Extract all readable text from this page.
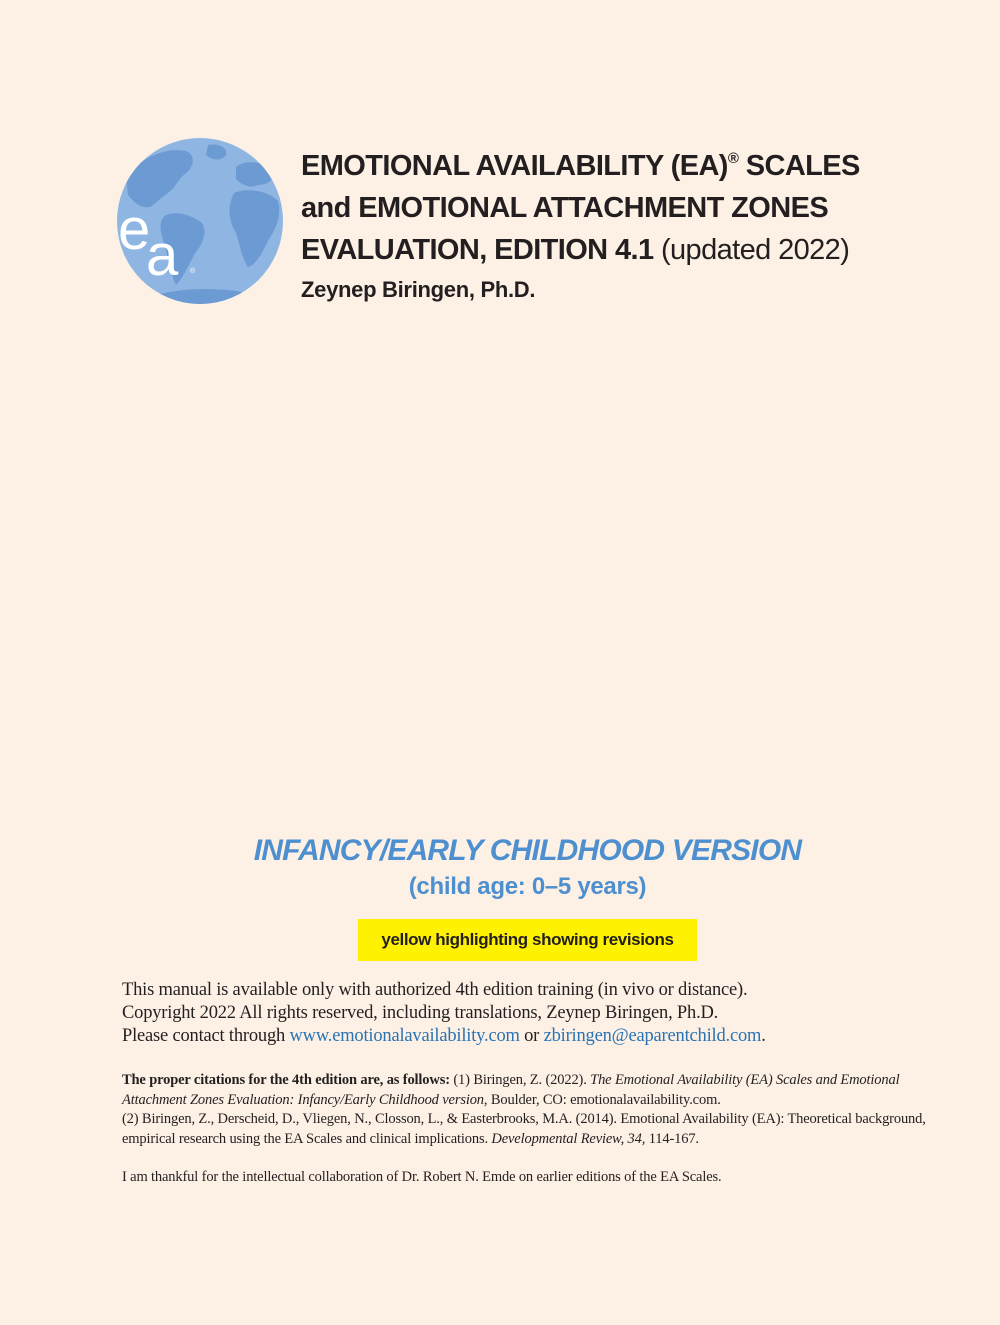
e
a ®
EMOTIONAL AVAILABILITY (EA)® SCALES
and EMOTIONAL ATTACHMENT ZONES
EVALUATION, EDITION 4.1 (updated 2022)
Zeynep Biringen, Ph.D.
INFANCY/EARLY CHILDHOOD VERSION
(child age: 0–5 years)
yellow highlighting showing revisions
This manual is available only with authorized 4th edition training (in vivo or distance).
Copyright 2022 All rights reserved, including translations, Zeynep Biringen, Ph.D.
Please contact through www.emotionalavailability.com or zbiringen@eaparentchild.com.
The proper citations for the 4th edition are, as follows: (1) Biringen, Z. (2022). The Emotional Availability (EA) Scales and Emotional Attachment Zones Evaluation: Infancy/Early Childhood version, Boulder, CO: emotionalavailability.com.
(2) Biringen, Z., Derscheid, D., Vliegen, N., Closson, L., & Easterbrooks, M.A. (2014). Emotional Availability (EA): Theoretical background, empirical research using the EA Scales and clinical implications. Developmental Review, 34, 114-167.
I am thankful for the intellectual collaboration of Dr. Robert N. Emde on earlier editions of the EA Scales.
